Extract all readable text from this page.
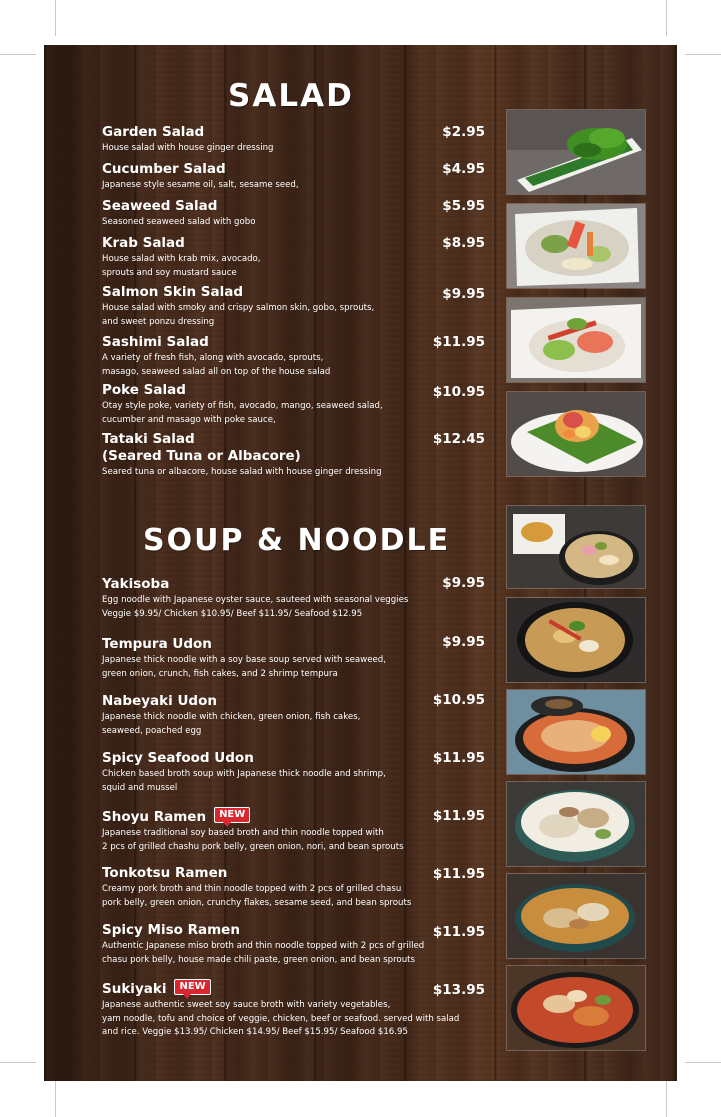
SALAD
Garden Salad
House salad with house ginger dressing
$2.95
Cucumber Salad
Japanese style sesame oil, salt, sesame seed,
$4.95
Seaweed Salad
Seasoned seaweed salad with gobo
$5.95
Krab Salad
House salad with krab mix, avocado,
sprouts and soy mustard sauce
$8.95
Salmon Skin Salad
House salad with smoky and crispy salmon skin, gobo, sprouts,
and sweet ponzu dressing
$9.95
Sashimi Salad
A variety of fresh fish, along with avocado, sprouts,
masago, seaweed salad all on top of the house salad
$11.95
Poke Salad
Otay style poke, variety of fish, avocado, mango, seaweed salad,
cucumber and masago with poke sauce,
$10.95
Tataki Salad
(Seared Tuna or Albacore)
Seared tuna or albacore, house salad with house ginger dressing
$12.45
SOUP & NOODLE
Yakisoba
Egg noodle with Japanese oyster sauce, sauteed with seasonal veggies
Veggie $9.95/ Chicken $10.95/ Beef $11.95/ Seafood $12.95
$9.95
Tempura Udon
Japanese thick noodle with a soy base soup served with seaweed,
green onion, crunch, fish cakes, and 2 shrimp tempura
$9.95
Nabeyaki Udon
Japanese thick noodle with chicken, green onion, fish cakes,
seaweed, poached egg
$10.95
Spicy Seafood Udon
Chicken based broth soup with Japanese thick noodle and shrimp,
squid and mussel
$11.95
Shoyu Ramen NEW
Japanese traditional soy based broth and thin noodle topped with
2 pcs of grilled chashu pork belly, green onion, nori, and bean sprouts
$11.95
Tonkotsu Ramen
Creamy pork broth and thin noodle topped with 2 pcs of grilled chasu
pork belly, green onion, crunchy flakes, sesame seed, and bean sprouts
$11.95
Spicy Miso Ramen
Authentic Japanese miso broth and thin noodle topped with 2 pcs of grilled
chasu pork belly, house made chili paste, green onion, and bean sprouts
$11.95
Sukiyaki NEW
Japanese authentic sweet soy sauce broth with variety vegetables,
yam noodle, tofu and choice of veggie, chicken, beef or seafood. served with salad
and rice. Veggie $13.95/ Chicken $14.95/ Beef $15.95/ Seafood $16.95
$13.95
